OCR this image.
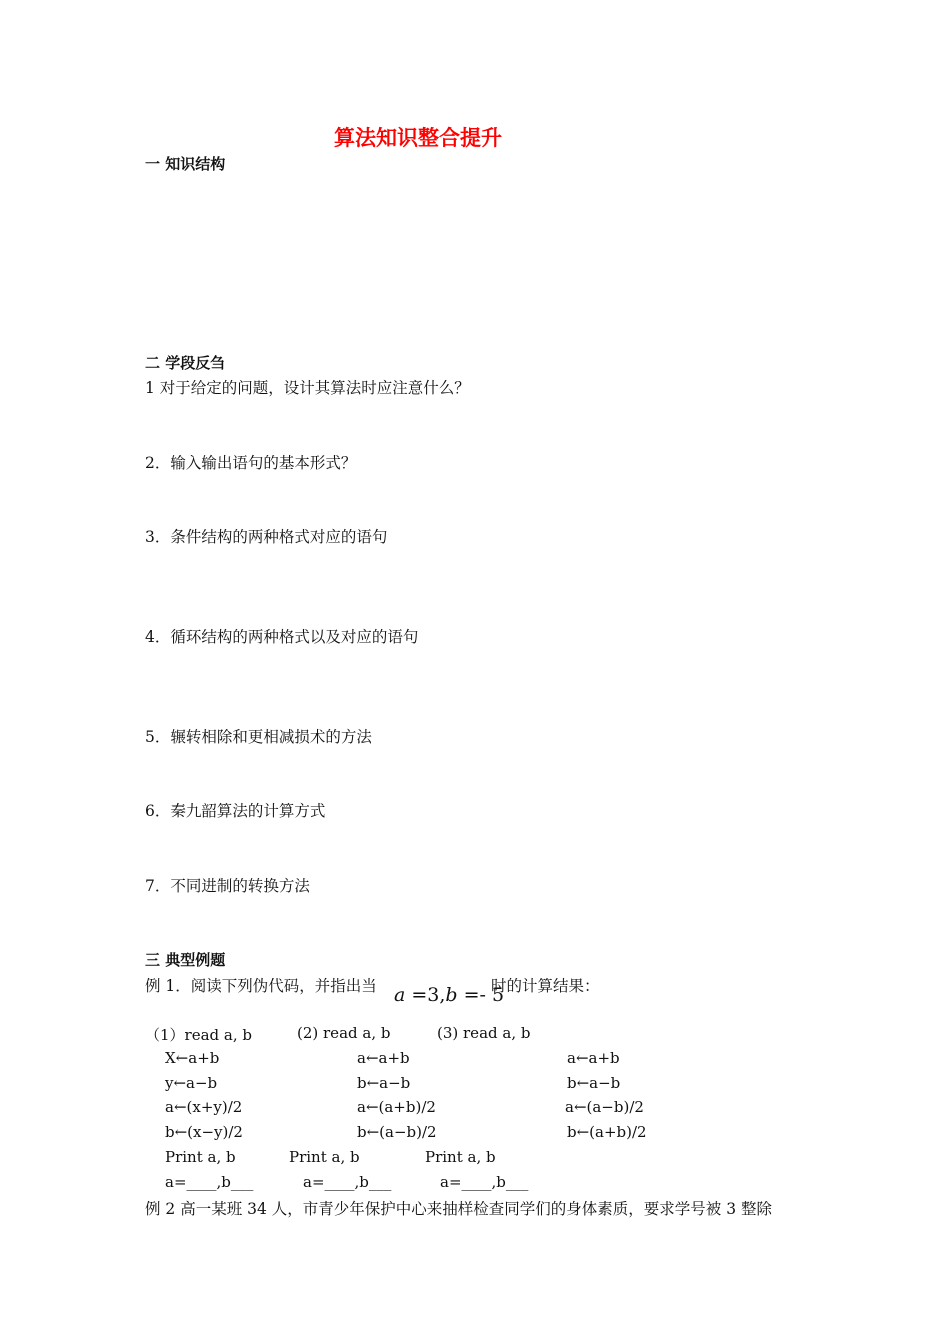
算法知识整合提升
一 知识结构
二 学段反刍
1 对于给定的问题，设计其算法时应注意什么？
2．输入输出语句的基本形式？
3．条件结构的两种格式对应的语句
4．循环结构的两种格式以及对应的语句
5．辗转相除和更相减损术的方法
6．秦九韶算法的计算方式
7．不同进制的转换方法
三 典型例题
例 1．阅读下列伪代码，并指出当 a =3,b =- 5
时的计算结果：
（1）read a, b
X←a+b
y←a−b
a←(x+y)/2
b←(x−y)/2
Print a, b
a=____,b___
(2) read a, b
a←a+b
b←a−b
a←(a+b)/2
b←(a−b)/2
Print a, b
a=____,b___
(3) read a, b
a←a+b
b←a−b
a←(a−b)/2
b←(a+b)/2
Print a, b
a=____,b___
例 2 高一某班 34 人，市青少年保护中心来抽样检查同学们的身体素质，要求学号被 3 整除
